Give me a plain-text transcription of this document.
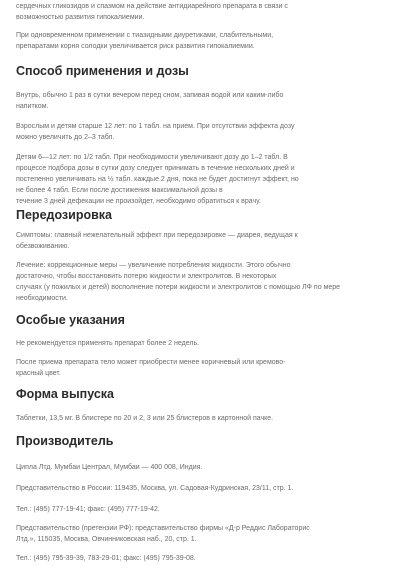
сердечных гликозидов и спазмом на действие антидиарейного препарата в связи с

возможностью развития гипокалиемии.

При одновременном применении с тиазидными диуретиками, слабительными,

препаратами корня солодки увеличивается риск развития гипокалиемии.

Способ применения и дозы

Внутрь, обычно 1 раз в сутки вечером перед сном, запивая водой или каким-либо

напитком.

Взрослым и детям старше 12 лет: по 1 табл. на прием. При отсутствии эффекта дозу

можно увеличить до 2–3 табл.

Детям 6—12 лет: по 1/2 табл. При необходимости увеличивают дозу до 1–2 табл. В

процессе подбора дозы в сутки дозу следует принимать в течение нескольких дней и

постепенно увеличивать на ½ табл. каждые 2 дня, пока не будет достигнут эффект, но

не более 4 табл. Если после достижения максимальной дозы в

течение 3 дней дефекации не произойдет, необходимо обратиться к врачу.

Передозировка

Симптомы: главный нежелательный эффект при передозировке — диарея, ведущая к

обезвоживанию.

Лечение: коррекционные меры — увеличение потребления жидкости. Этого обычно

достаточно, чтобы восстановить потерю жидкости и электролитов. В некоторых

случаях (у пожилых и детей) восполнение потери жидкости и электролитов с помощью ЛФ по мере

необходимости.

Особые указания

Не рекомендуется применять препарат более 2 недель.

После приема препарата тело может приобрести менее коричневый или кремово-

красный цвет.

Форма выпуска

Таблетки, 13,5 мг. В блистере по 20 и 2, 3 или 25 блистеров в картонной пачке.

Производитель

Ципла Лтд. Мумбаи Централ, Мумбаи — 400 008, Индия.

Представительство в России: 119435, Москва, ул. Садовая-Кудринская, 23/11, стр. 1.

Тел.: (495) 777-19-41; факс: (495) 777-19-42.

Представительство (претензии РФ): представительство фирмы «Д-р Реддис Лабораторис

Лтд.», 115035, Москва, Овчинниковская наб., 20, стр. 1.

Тел.: (495) 795-39-39, 783-29-01; факс: (495) 795-39-08.
